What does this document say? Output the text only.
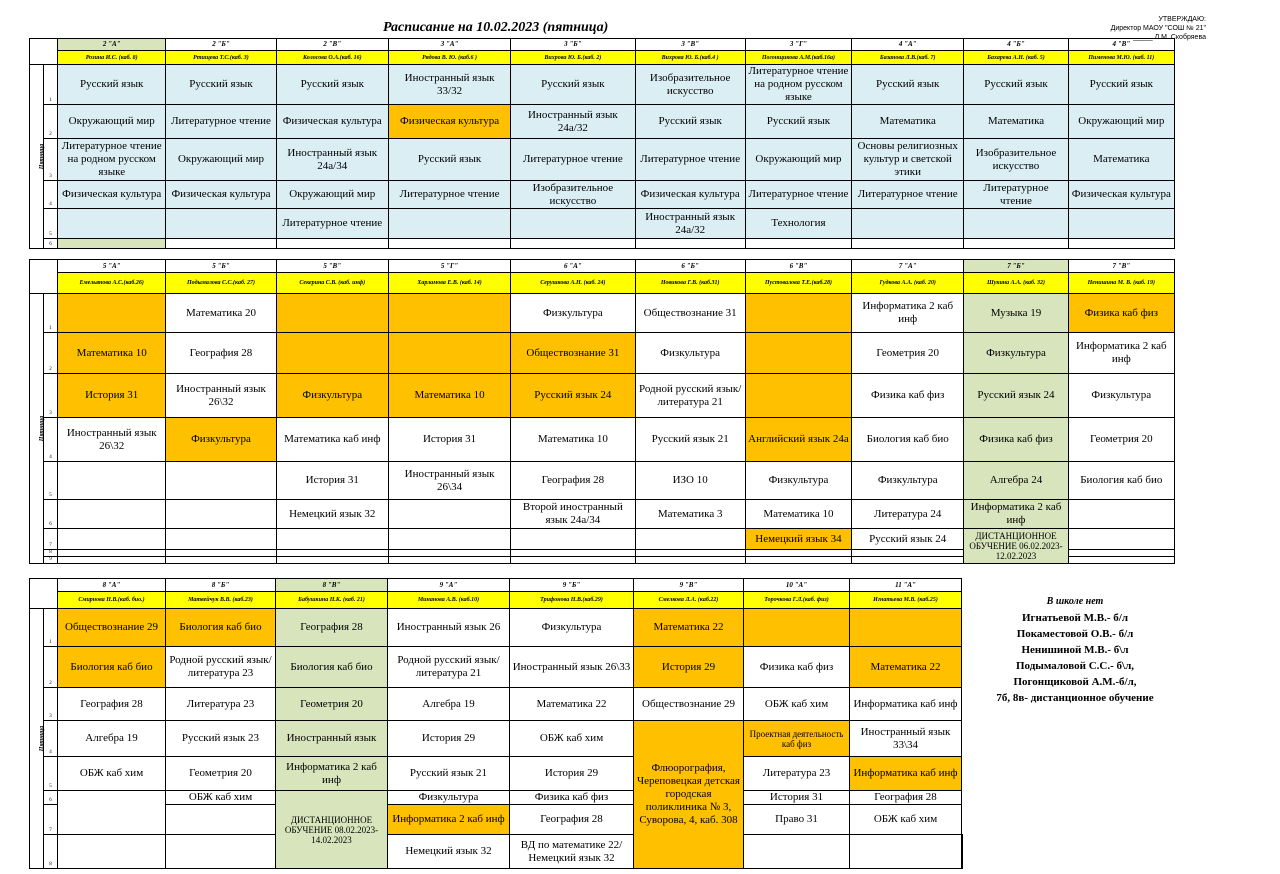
Расписание на 10.02.2023 (пятница)
УТВЕРЖДАЮ:
Директор МАОУ "СОШ № 21"
_____ Л.М. Скобряева
		2 "А"	2 "Б"	2 "В"	3 "А"	3 "Б"	3 "В"	3 "Г"	4 "А"	4 "Б"	4 "В"
		Розина И.С. (каб. 8)	Ртищева Т.С.(каб. 3)	Колосова О.А.(каб. 16)	Рядова В. Ю. (каб.6 )	Вихрова Ю. Б.(каб. 2)	Вихрова Ю. Б.(каб.4 )	Погонщикова А.М.(каб.16а)	Базанова Л.В.(каб. 7)	Бахарева А.Н. (каб. 5)	Пименова М.Ю. (каб. 11)
Пятница	1	Русский язык	Русский язык	Русский язык	Иностранный язык 33/32	Русский язык	Изобразительное искусство	Литературное чтение на родном русском языке	Русский язык	Русский язык	Русский язык
	2	Окружающий мир	Литературное чтение	Физическая культура	Физическая культура	Иностранный язык 24а/32	Русский язык	Русский язык	Математика	Математика	Окружающий мир
	3	Литературное чтение на родном русском языке	Окружающий мир	Иностранный язык 24а/34	Русский язык	Литературное чтение	Литературное чтение	Окружающий мир	Основы религиозных культур и светской этики	Изобразительное искусство	Математика
	4	Физическая культура	Физическая культура	Окружающий мир	Литературное чтение	Изобразительное искусство	Физическая культура	Литературное чтение	Литературное чтение	Литературное чтение	Физическая культура
	5			Литературное чтение			Иностранный язык 24а/32	Технология			
	6										
		5 "А"	5 "Б"	5 "В"	5 "Г"	6 "А"	6 "Б"	6 "В"	7 "А"	7 "Б"	7 "В"
		Емельянова А.С.(каб.26)	Подымалова С.С.(каб. 27)	Секерина С.В. (каб. инф)	Харламова Е.В. (каб. 14)	Серушкова А.Н. (каб. 24)	Новикова Г.В. (каб.31)	Пустовалова Т.Е.(каб.28)	Гудкова А.А. (каб. 20)	Шукина А.А. (каб. 32)	Ненишина М. В. (каб. 19)
Пятница	1		Математика 20			Физкультура	Обществознание 31		Информатика 2 каб инф	Музыка 19	Физика каб физ
	2	Математика 10	География 28			Обществознание 31	Физкультура		Геометрия 20	Физкультура	Информатика 2 каб инф
	3	История 31	Иностранный язык 26\32	Физкультура	Математика 10	Русский язык 24	Родной русский язык/литература 21		Физика каб физ	Русский язык 24	Физкультура
	4	Иностранный язык 26\32	Физкультура	Математика каб инф	История 31	Математика 10	Русский язык 21	Английский язык 24а	Биология каб био	Физика каб физ	Геометрия 20
	5			История 31	Иностранный язык 26\34	География 28	ИЗО 10	Физкультура	Физкультура	Алгебра 24	Биология каб био
	6			Немецкий язык 32		Второй иностранный язык 24а/34	Математика 3	Математика 10	Литература 24	Информатика 2 каб инф	
	7							Немецкий язык 34	Русский язык 24	ДИСТАНЦИОННОЕ ОБУЧЕНИЕ 06.02.2023-12.02.2023	
	8										
	9										
		8 "А"	8 "Б"	8 "В"	9 "А"	9 "Б"	9 "В"	10 "А"	11 "А"	
		Смирнова Н.В.(каб. био.)	Матвейчук В.В. (каб.23)	Бабушкина Н.К. (каб. 21)	Минанова А.В. (каб.10)	Трифонова Н.В.(каб.29)	Смелкова Л.А. (каб.22)	Торочкова Г.Л.(каб. физ)	Игнатьева М.В. (каб.25)	
Пятница	1	Обществознание 29	Биология каб био	География 28	Иностранный язык 26	Физкультура	Математика 22			
	2	Биология каб био	Родной русский язык/литература 23	Биология каб био	Родной русский язык/литература 21	Иностранный язык 26\33	История 29	Физика каб физ	Математика 22	
	3	География 28	Литература 23	Геометрия 20	Алгебра 19	Математика 22	Обществознание 29	ОБЖ каб хим	Информатика каб инф	
	4	Алгебра 19	Русский язык 23	Иностранный язык	История 29	ОБЖ каб хим	Флюорография, Череповецкая детская городская поликлиника № 3, Суворова, 4, каб. 308	Проектная деятельность каб физ	Иностранный язык 33\34	
	5	ОБЖ каб хим	Геометрия 20	Информатика 2 каб инф	Русский язык 21	История 29		Литература 23	Информатика каб инф	
	6		ОБЖ каб хим	ДИСТАНЦИОННОЕ ОБУЧЕНИЕ 08.02.2023-14.02.2023	Физкультура	Физика каб физ		История 31	География 28	
	7				Информатика 2 каб инф	География 28		Право 31	ОБЖ каб хим	
	8				Немецкий язык 32	ВД по математике 22/ Немецкий язык 32				
В школе нет
Игнатьевой М.В.- б/л
Покаместовой О.В.- б/л
Ненишиной М.В.- б\л
Подымаловой С.С.- б\л,
Погонщиковой А.М.-б/л,
7б, 8в- дистанционное обучение
